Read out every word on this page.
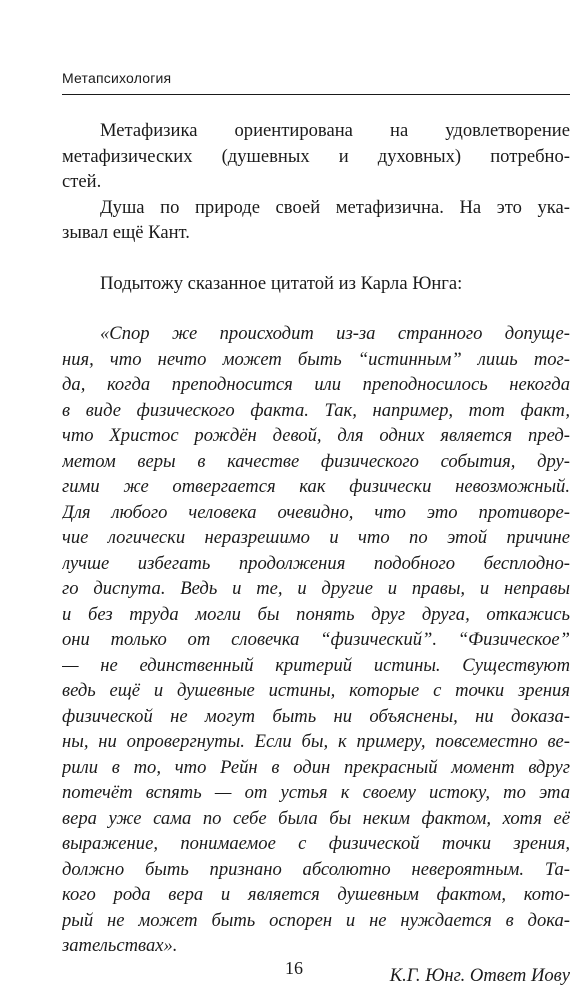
Метапсихология
Метафизика ориентирована на удовлетворение
метафизических (душевных и духовных) потребно-
стей.
Душа по природе своей метафизична. На это ука-
зывал ещё Кант.
Подытожу сказанное цитатой из Карла Юнга:
«Спор же происходит из-за странного допуще-
ния, что нечто может быть “истинным” лишь тог-
да, когда преподносится или преподносилось некогда
в виде физического факта. Так, например, тот факт,
что Христос рождён девой, для одних является пред-
метом веры в качестве физического события, дру-
гими же отвергается как физически невозможный.
Для любого человека очевидно, что это противоре-
чие логически неразрешимо и что по этой причине
лучше избегать продолжения подобного бесплодно-
го диспута. Ведь и те, и другие и правы, и неправы
и без труда могли бы понять друг друга, откажись
они только от словечка “физический”. “Физическое”
— не единственный критерий истины. Существуют
ведь ещё и душевные истины, которые с точки зрения
физической не могут быть ни объяснены, ни доказа-
ны, ни опровергнуты. Если бы, к примеру, повсеместно ве-
рили в то, что Рейн в один прекрасный момент вдруг
потечёт вспять — от устья к своему истоку, то эта
вера уже сама по себе была бы неким фактом, хотя её
выражение, понимаемое с физической точки зрения,
должно быть признано абсолютно невероятным. Та-
кого рода вера и является душевным фактом, кото-
рый не может быть оспорен и не нуждается в дока-
зательствах».
К.Г. Юнг. Ответ Иову
16
